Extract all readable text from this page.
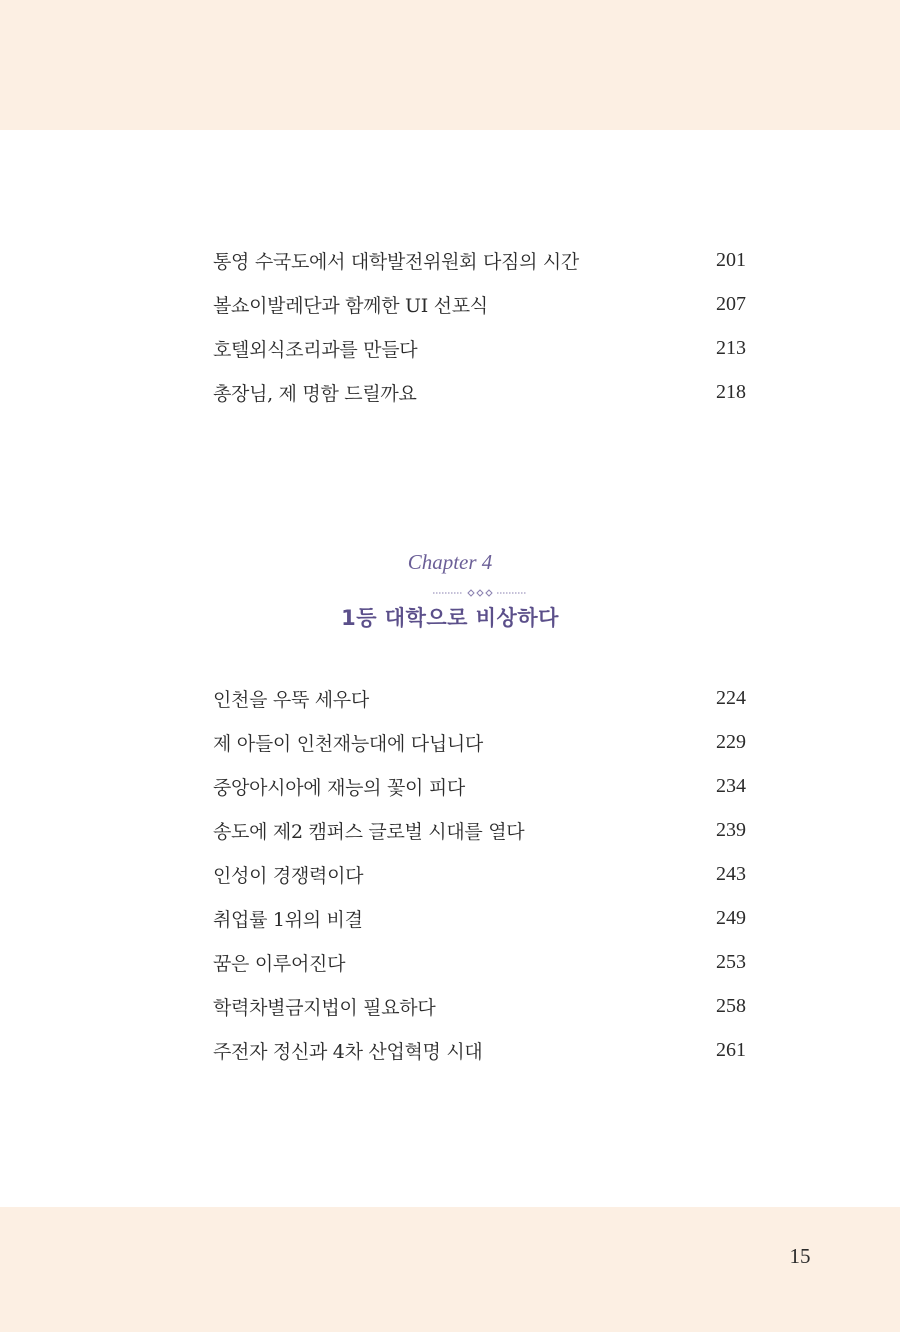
통영 수국도에서 대학발전위원회 다짐의 시간	201
볼쇼이발레단과 함께한 UI 선포식	207
호텔외식조리과를 만들다	213
총장님, 제 명함 드릴까요	218
Chapter 4
1등 대학으로 비상하다
인천을 우뚝 세우다	224
제 아들이 인천재능대에 다닙니다	229
중앙아시아에 재능의 꽃이 피다	234
송도에 제2 캠퍼스 글로벌 시대를 열다	239
인성이 경쟁력이다	243
취업률 1위의 비결	249
꿈은 이루어진다	253
학력차별금지법이 필요하다	258
주전자 정신과 4차 산업혁명 시대	261
15
